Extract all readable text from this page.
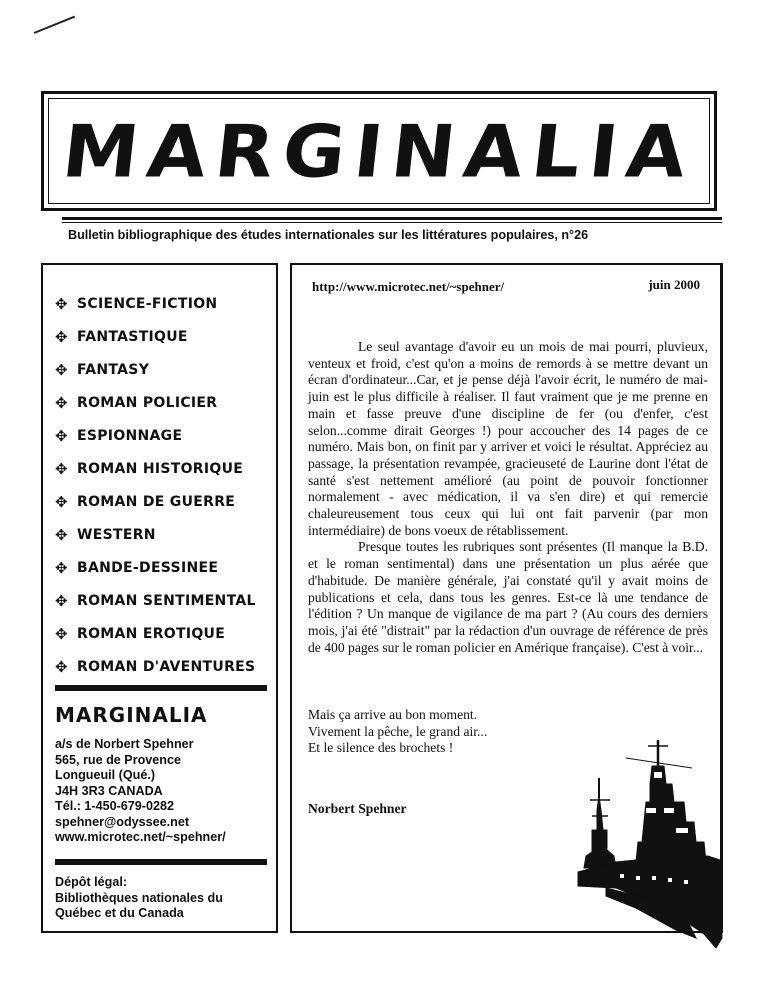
MARGINALIA
Bulletin bibliographique des études internationales sur les littératures populaires, n°26
✥ SCIENCE-FICTION
✥ FANTASTIQUE
✥ FANTASY
✥ ROMAN POLICIER
✥ ESPIONNAGE
✥ ROMAN HISTORIQUE
✥ ROMAN DE GUERRE
✥ WESTERN
✥ BANDE-DESSINEE
✥ ROMAN SENTIMENTAL
✥ ROMAN EROTIQUE
✥ ROMAN D'AVENTURES
MARGINALIA
a/s de Norbert Spehner
565, rue de Provence
Longueuil (Qué.)
J4H 3R3 CANADA
Tél.: 1-450-679-0282
spehner@odyssee.net
www.microtec.net/~spehner/
Dépôt légal:
Bibliothèques nationales du
Québec et du Canada
http://www.microtec.net/~spehner/	juin 2000

Le seul avantage d'avoir eu un mois de mai pourri, pluvieux, venteux et froid, c'est qu'on a moins de remords à se mettre devant un écran d'ordinateur...Car, et je pense déjà l'avoir écrit, le numéro de mai-juin est le plus difficile à réaliser. Il faut vraiment que je me prenne en main et fasse preuve d'une discipline de fer (ou d'enfer, c'est selon...comme dirait Georges !) pour accoucher des 14 pages de ce numéro. Mais bon, on finit par y arriver et voici le résultat. Appréciez au passage, la présentation revampée, gracieuseté de Laurine dont l'état de santé s'est nettement amélioré (au point de pouvoir fonctionner normalement - avec médication, il va s'en dire) et qui remercie chaleureusement tous ceux qui lui ont fait parvenir (par mon intermédiaire) de bons voeux de rétablissement.

Presque toutes les rubriques sont présentes (Il manque la B.D. et le roman sentimental) dans une présentation un plus aérée que d'habitude. De manière générale, j'ai constaté qu'il y avait moins de publications et cela, dans tous les genres. Est-ce là une tendance de l'édition ? Un manque de vigilance de ma part ? (Au cours des derniers mois, j'ai été "distrait" par la rédaction d'un ouvrage de référence de près de 400 pages sur le roman policier en Amérique française). C'est à voir...

Mais ça arrive au bon moment.
Vivement la pêche, le grand air...
Et le silence des brochets !
Norbert Spehner
